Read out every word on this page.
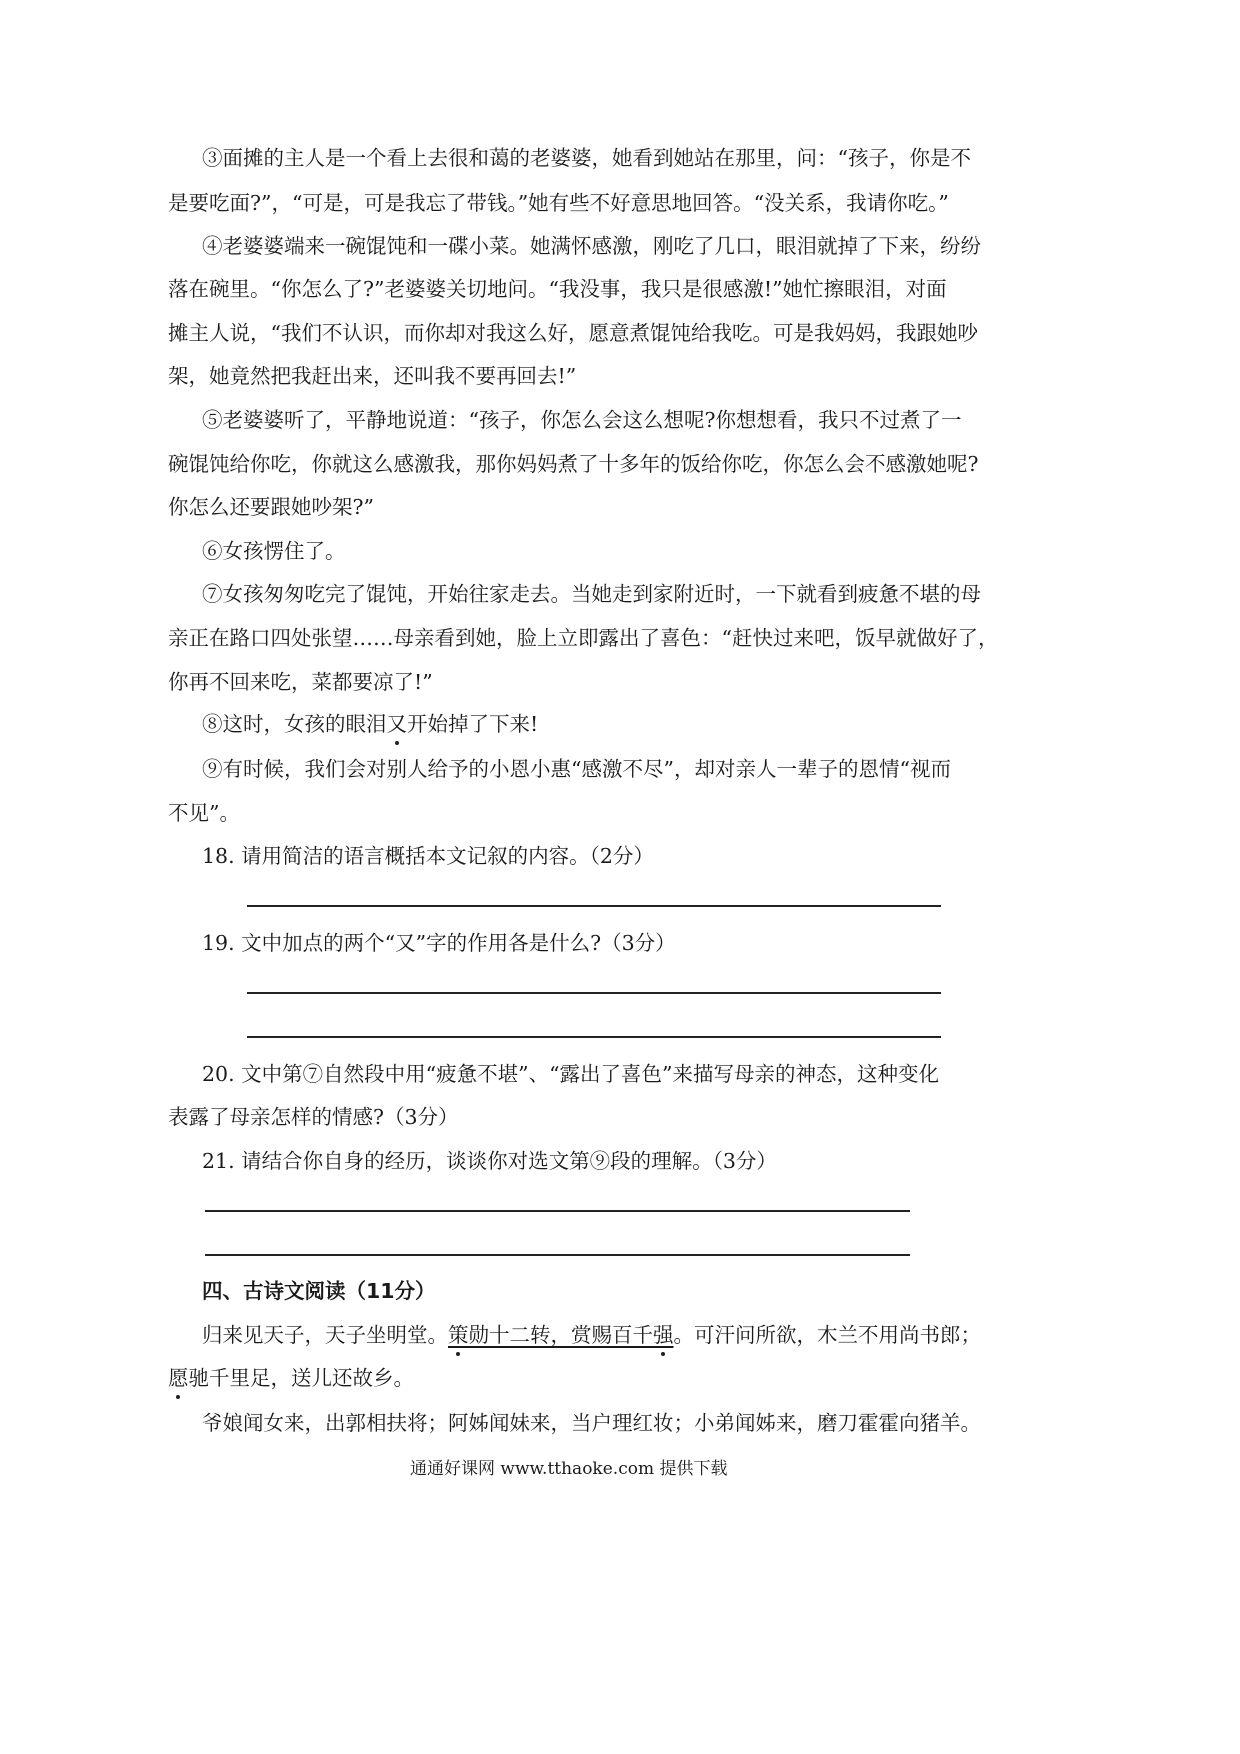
③面摊的主人是一个看上去很和蔼的老婆婆，她看到她站在那里，问：“孩子，你是不
是要吃面?”，“可是，可是我忘了带钱。”她有些不好意思地回答。“没关系，我请你吃。”
④老婆婆端来一碗馄饨和一碟小菜。她满怀感激，刚吃了几口，眼泪就掉了下来，纷纷
落在碗里。“你怎么了?”老婆婆关切地问。“我没事，我只是很感激!”她忙擦眼泪，对面
摊主人说，“我们不认识，而你却对我这么好，愿意煮馄饨给我吃。可是我妈妈，我跟她吵
架，她竟然把我赶出来，还叫我不要再回去!”
⑤老婆婆听了，平静地说道：“孩子，你怎么会这么想呢?你想想看，我只不过煮了一
碗馄饨给你吃，你就这么感激我，那你妈妈煮了十多年的饭给你吃，你怎么会不感激她呢?
你怎么还要跟她吵架?”
⑥女孩愣住了。
⑦女孩匆匆吃完了馄饨，开始往家走去。当她走到家附近时，一下就看到疲惫不堪的母
亲正在路口四处张望……母亲看到她，脸上立即露出了喜色：“赶快过来吧，饭早就做好了，
你再不回来吃，菜都要凉了!”
⑧这时，女孩的眼泪又开始掉了下来!
⑨有时候，我们会对别人给予的小恩小惠“感激不尽”，却对亲人一辈子的恩情“视而
不见”。
18. 请用简洁的语言概括本文记叙的内容。（2分）
19. 文中加点的两个“又”字的作用各是什么?（3分）
20. 文中第⑦自然段中用“疲惫不堪”、“露出了喜色”来描写母亲的神态，这种变化
表露了母亲怎样的情感?（3分）
21. 请结合你自身的经历，谈谈你对选文第⑨段的理解。（3分）
四、古诗文阅读（11分）
归来见天子，天子坐明堂。策勋十二转，赏赐百千强。可汗问所欲，木兰不用尚书郎；
愿驰千里足，送儿还故乡。
爷娘闻女来，出郭相扶将；阿姊闻妹来，当户理红妆；小弟闻姊来，磨刀霍霍向猪羊。
通通好课网 www.tthaoke.com 提供下载
